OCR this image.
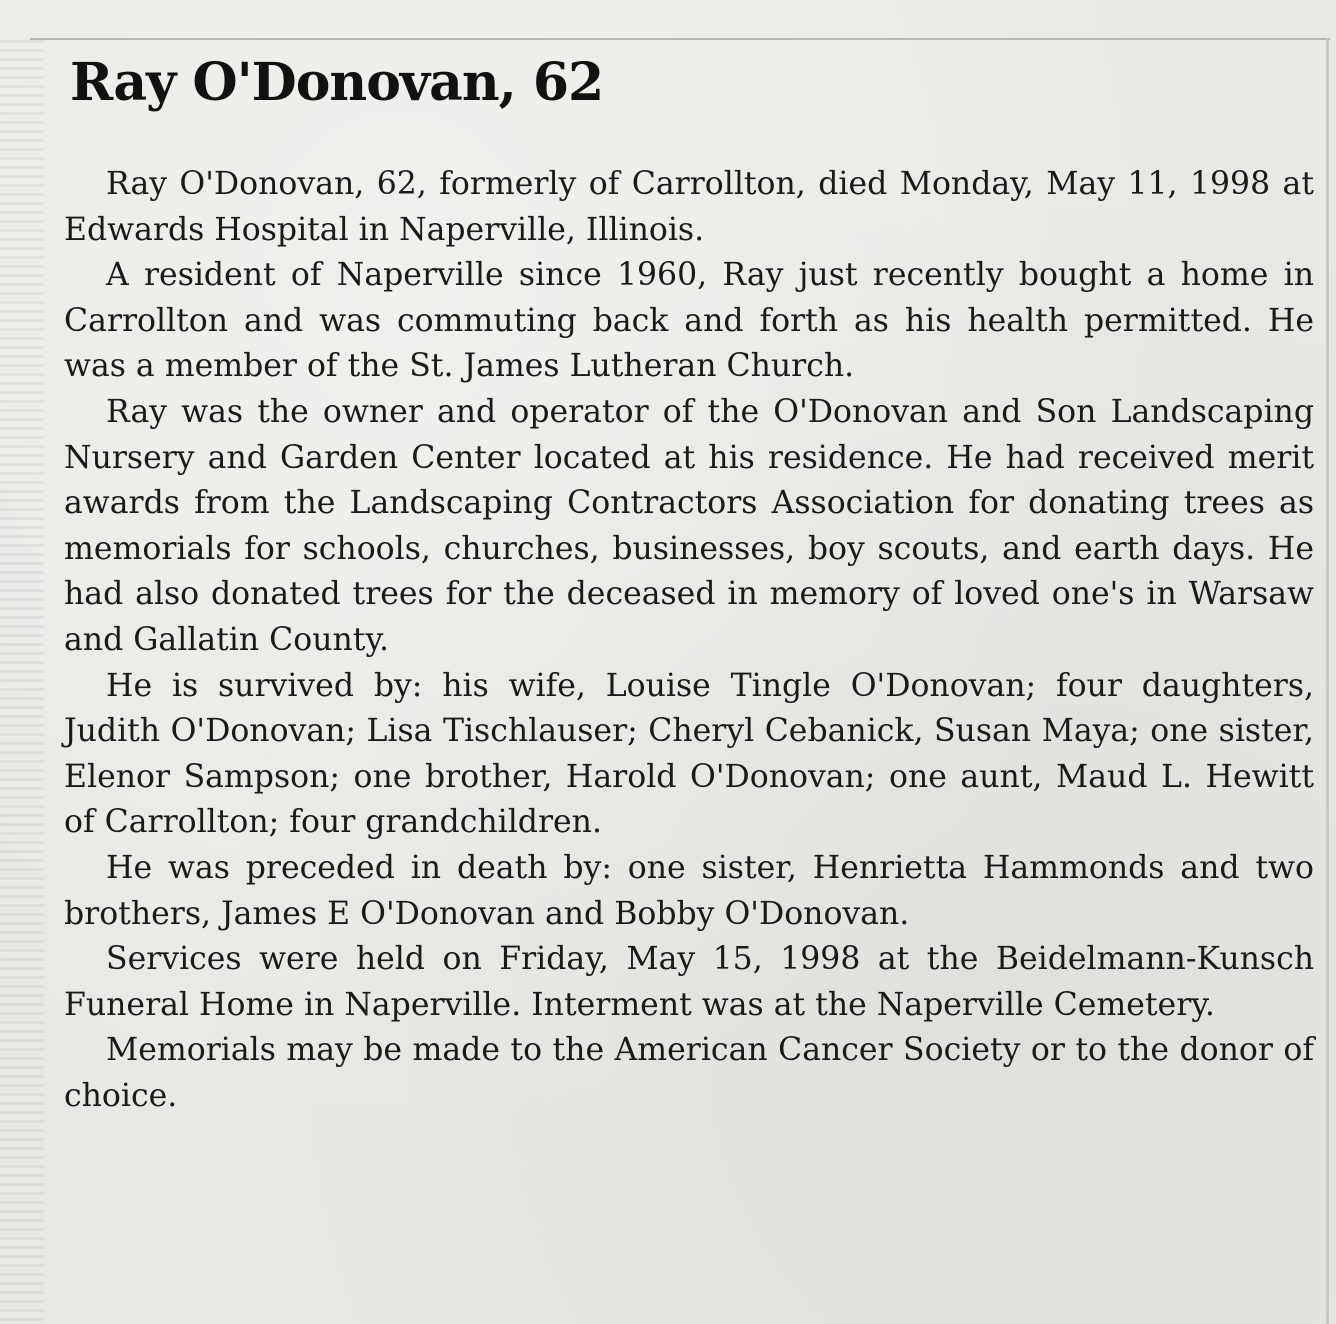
Ray O'Donovan, 62

Ray O'Donovan, 62, formerly of Carrollton, died Monday, May 11, 1998 at Edwards Hospital in Naperville, Illinois.

A resident of Naperville since 1960, Ray just recently bought a home in Carrollton and was commuting back and forth as his health permitted. He was a member of the St. James Lutheran Church.

Ray was the owner and operator of the O'Donovan and Son Landscaping Nursery and Garden Center located at his residence. He had received merit awards from the Landscaping Contractors Association for donating trees as memorials for schools, churches, businesses, boy scouts, and earth days. He had also donated trees for the deceased in memory of loved one's in Warsaw and Gallatin County.

He is survived by: his wife, Louise Tingle O'Donovan; four daughters, Judith O'Donovan; Lisa Tischlauser; Cheryl Cebanick, Susan Maya; one sister, Elenor Sampson; one brother, Harold O'Donovan; one aunt, Maud L. Hewitt of Carrollton; four grandchildren.

He was preceded in death by: one sister, Henrietta Hammonds and two brothers, James E O'Donovan and Bobby O'Donovan.

Services were held on Friday, May 15, 1998 at the Beidelmann-Kunsch Funeral Home in Naperville. Interment was at the Naperville Cemetery.

Memorials may be made to the American Cancer Society or to the donor of choice.
